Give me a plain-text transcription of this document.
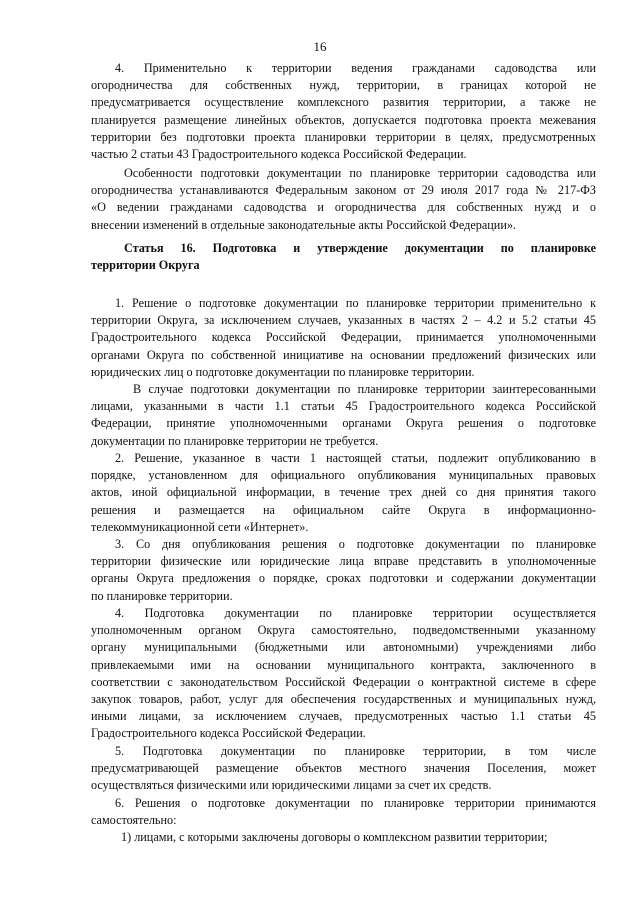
16
4. Применительно к территории ведения гражданами садоводства или
огородничества для собственных нужд, территории, в границах которой не
предусматривается осуществление комплексного развития территории, а также не
планируется размещение линейных объектов, допускается подготовка проекта межевания
территории без подготовки проекта планировки территории в целях, предусмотренных
частью 2 статьи 43 Градостроительного кодекса Российской Федерации.
Особенности подготовки документации по планировке территории садоводства или
огородничества устанавливаются Федеральным законом от 29 июля 2017 года № 217-ФЗ
«О ведении гражданами садоводства и огородничества для собственных нужд и о
внесении изменений в отдельные законодательные акты Российской Федерации».
Статья 16. Подготовка и утверждение документации по планировке
территории Округа
1. Решение о подготовке документации по планировке территории применительно к
территории Округа, за исключением случаев, указанных в частях 2 – 4.2 и 5.2 статьи 45
Градостроительного кодекса Российской Федерации, принимается уполномоченными
органами Округа по собственной инициативе на основании предложений физических или
юридических лиц о подготовке документации по планировке территории.
В случае подготовки документации по планировке территории заинтересованными
лицами, указанными в части 1.1 статьи 45 Градостроительного кодекса Российской
Федерации, принятие уполномоченными органами Округа решения о подготовке
документации по планировке территории не требуется.
2. Решение, указанное в части 1 настоящей статьи, подлежит опубликованию в
порядке, установленном для официального опубликования муниципальных правовых
актов, иной официальной информации, в течение трех дней со дня принятия такого
решения и размещается на официальном сайте Округа в информационно-
телекоммуникационной сети «Интернет».
3. Со дня опубликования решения о подготовке документации по планировке
территории физические или юридические лица вправе представить в уполномоченные
органы Округа предложения о порядке, сроках подготовки и содержании документации
по планировке территории.
4. Подготовка документации по планировке территории осуществляется
уполномоченным органом Округа самостоятельно, подведомственными указанному
органу муниципальными (бюджетными или автономными) учреждениями либо
привлекаемыми ими на основании муниципального контракта, заключенного в
соответствии с законодательством Российской Федерации о контрактной системе в сфере
закупок товаров, работ, услуг для обеспечения государственных и муниципальных нужд,
иными лицами, за исключением случаев, предусмотренных частью 1.1 статьи 45
Градостроительного кодекса Российской Федерации.
5. Подготовка документации по планировке территории, в том числе
предусматривающей размещение объектов местного значения Поселения, может
осуществляться физическими или юридическими лицами за счет их средств.
6. Решения о подготовке документации по планировке территории принимаются
самостоятельно:
1) лицами, с которыми заключены договоры о комплексном развитии территории;
